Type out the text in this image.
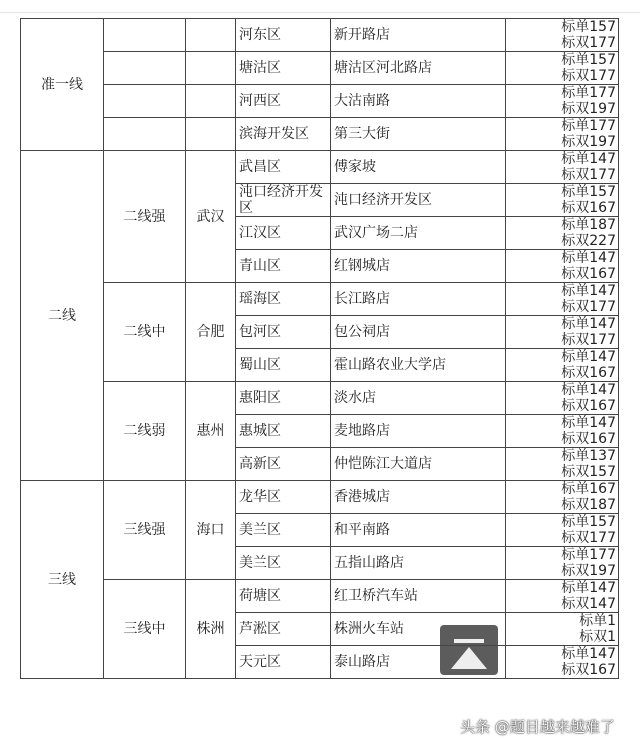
准一线			河东区	新开路店	标单157
标双177

			塘沽区	塘沽区河北路店	标单157
标双177

			河西区	大沽南路	标单177
标双197

			滨海开发区	第三大街	标单177
标双197

二线	二线强	武汉	武昌区	傅家坡	标单147
标双177

			沌口经济开发区	沌口经济开发区	标单157
标双167

			江汉区	武汉广场二店	标单187
标双227

			青山区	红钢城店	标单147
标双167

	二线中	合肥	瑶海区	长江路店	标单147
标双177

			包河区	包公祠店	标单147
标双177

			蜀山区	霍山路农业大学店	标单147
标双167

	二线弱	惠州	惠阳区	淡水店	标单147
标双167

			惠城区	麦地路店	标单147
标双167

			高新区	仲恺陈江大道店	标单137
标双157

三线	三线强	海口	龙华区	香港城店	标单167
标双187

			美兰区	和平南路	标单157
标双177

			美兰区	五指山路店	标单177
标双197

	三线中	株洲	荷塘区	红卫桥汽车站	标单147
标双147

			芦淞区	株洲火车站	标单1
标双1

			天元区	泰山路店	标单147
标双167
头条 @题目越来越难了
